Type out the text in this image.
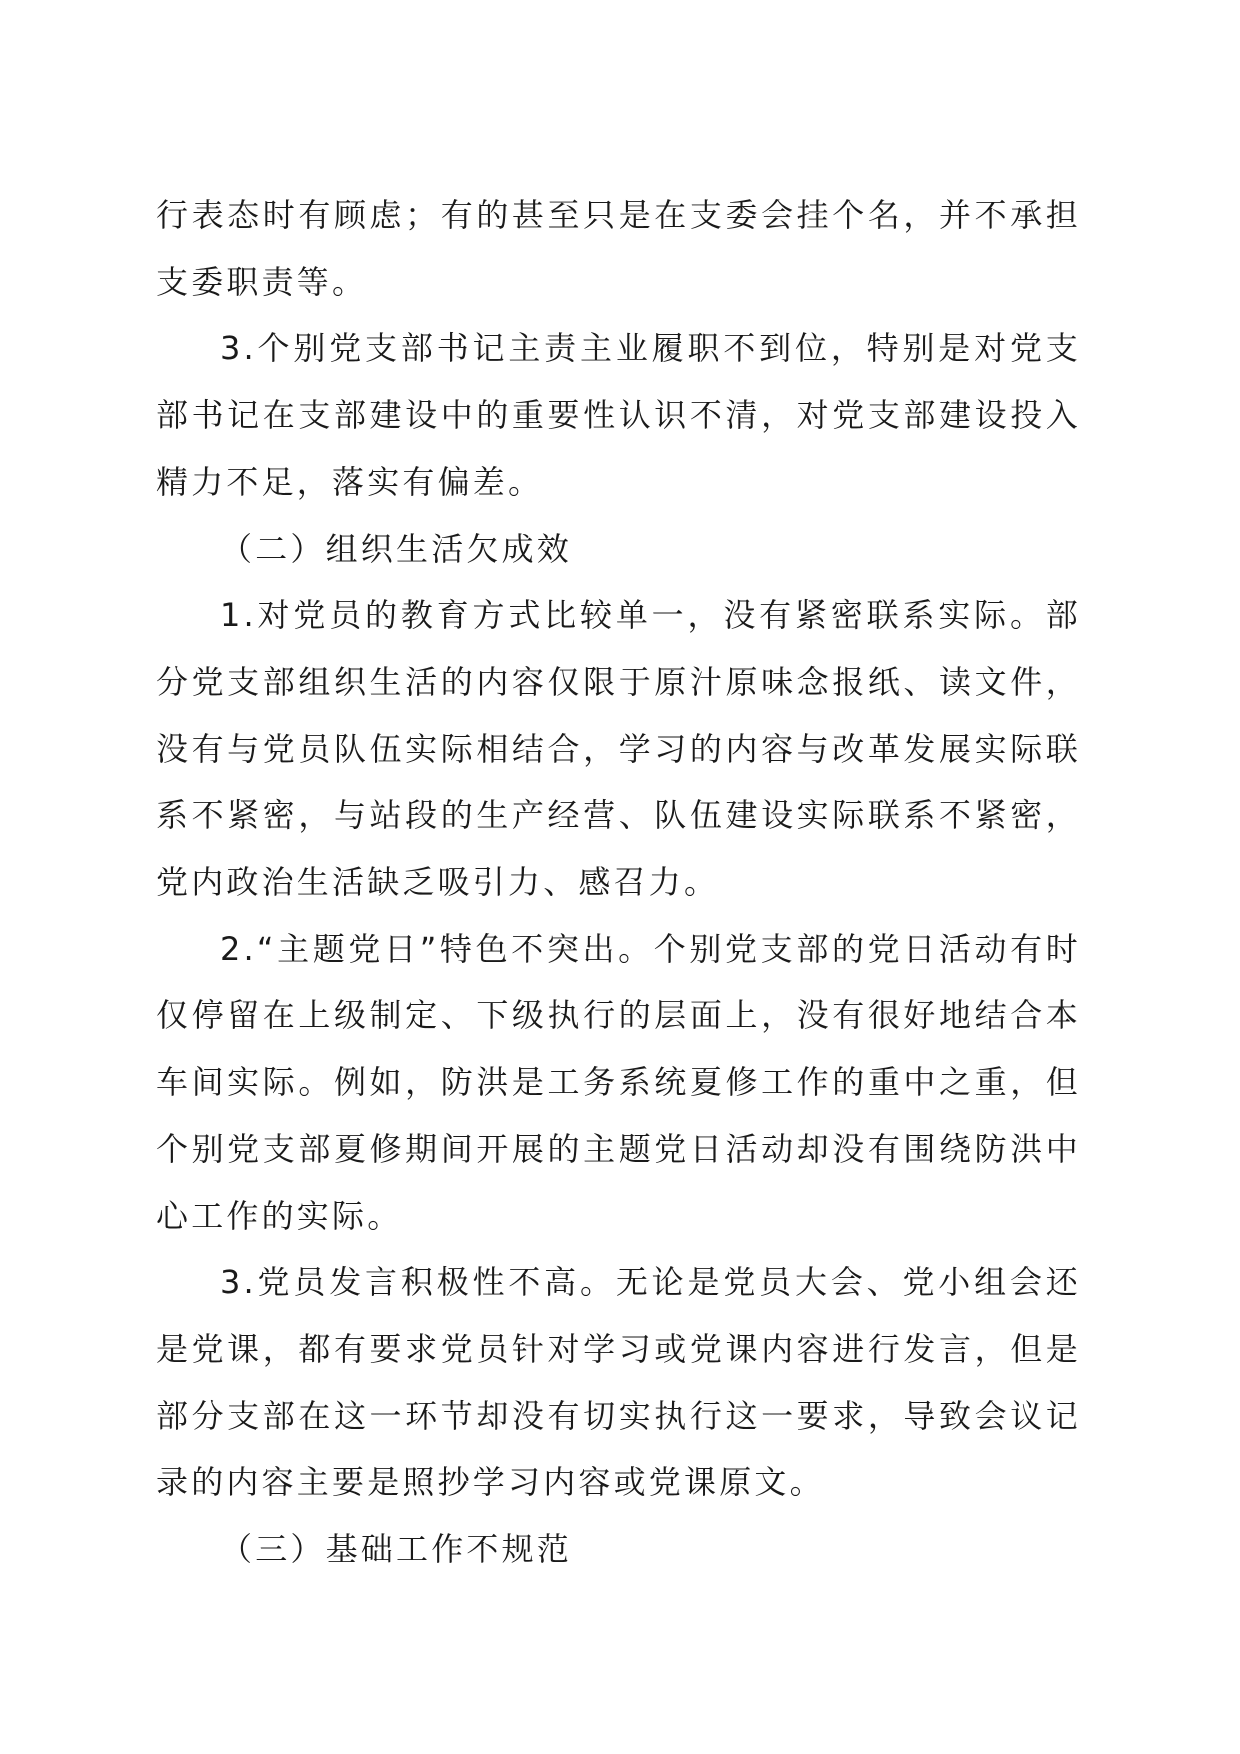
行表态时有顾虑；有的甚至只是在支委会挂个名，并不承担支委职责等。

3.个别党支部书记主责主业履职不到位，特别是对党支部书记在支部建设中的重要性认识不清，对党支部建设投入精力不足，落实有偏差。

（二）组织生活欠成效

1.对党员的教育方式比较单一，没有紧密联系实际。部分党支部组织生活的内容仅限于原汁原味念报纸、读文件，没有与党员队伍实际相结合，学习的内容与改革发展实际联系不紧密，与站段的生产经营、队伍建设实际联系不紧密，党内政治生活缺乏吸引力、感召力。

2.“主题党日”特色不突出。个别党支部的党日活动有时仅停留在上级制定、下级执行的层面上，没有很好地结合本车间实际。例如，防洪是工务系统夏修工作的重中之重，但个别党支部夏修期间开展的主题党日活动却没有围绕防洪中心工作的实际。

3.党员发言积极性不高。无论是党员大会、党小组会还是党课，都有要求党员针对学习或党课内容进行发言，但是部分支部在这一环节却没有切实执行这一要求，导致会议记录的内容主要是照抄学习内容或党课原文。

（三）基础工作不规范
